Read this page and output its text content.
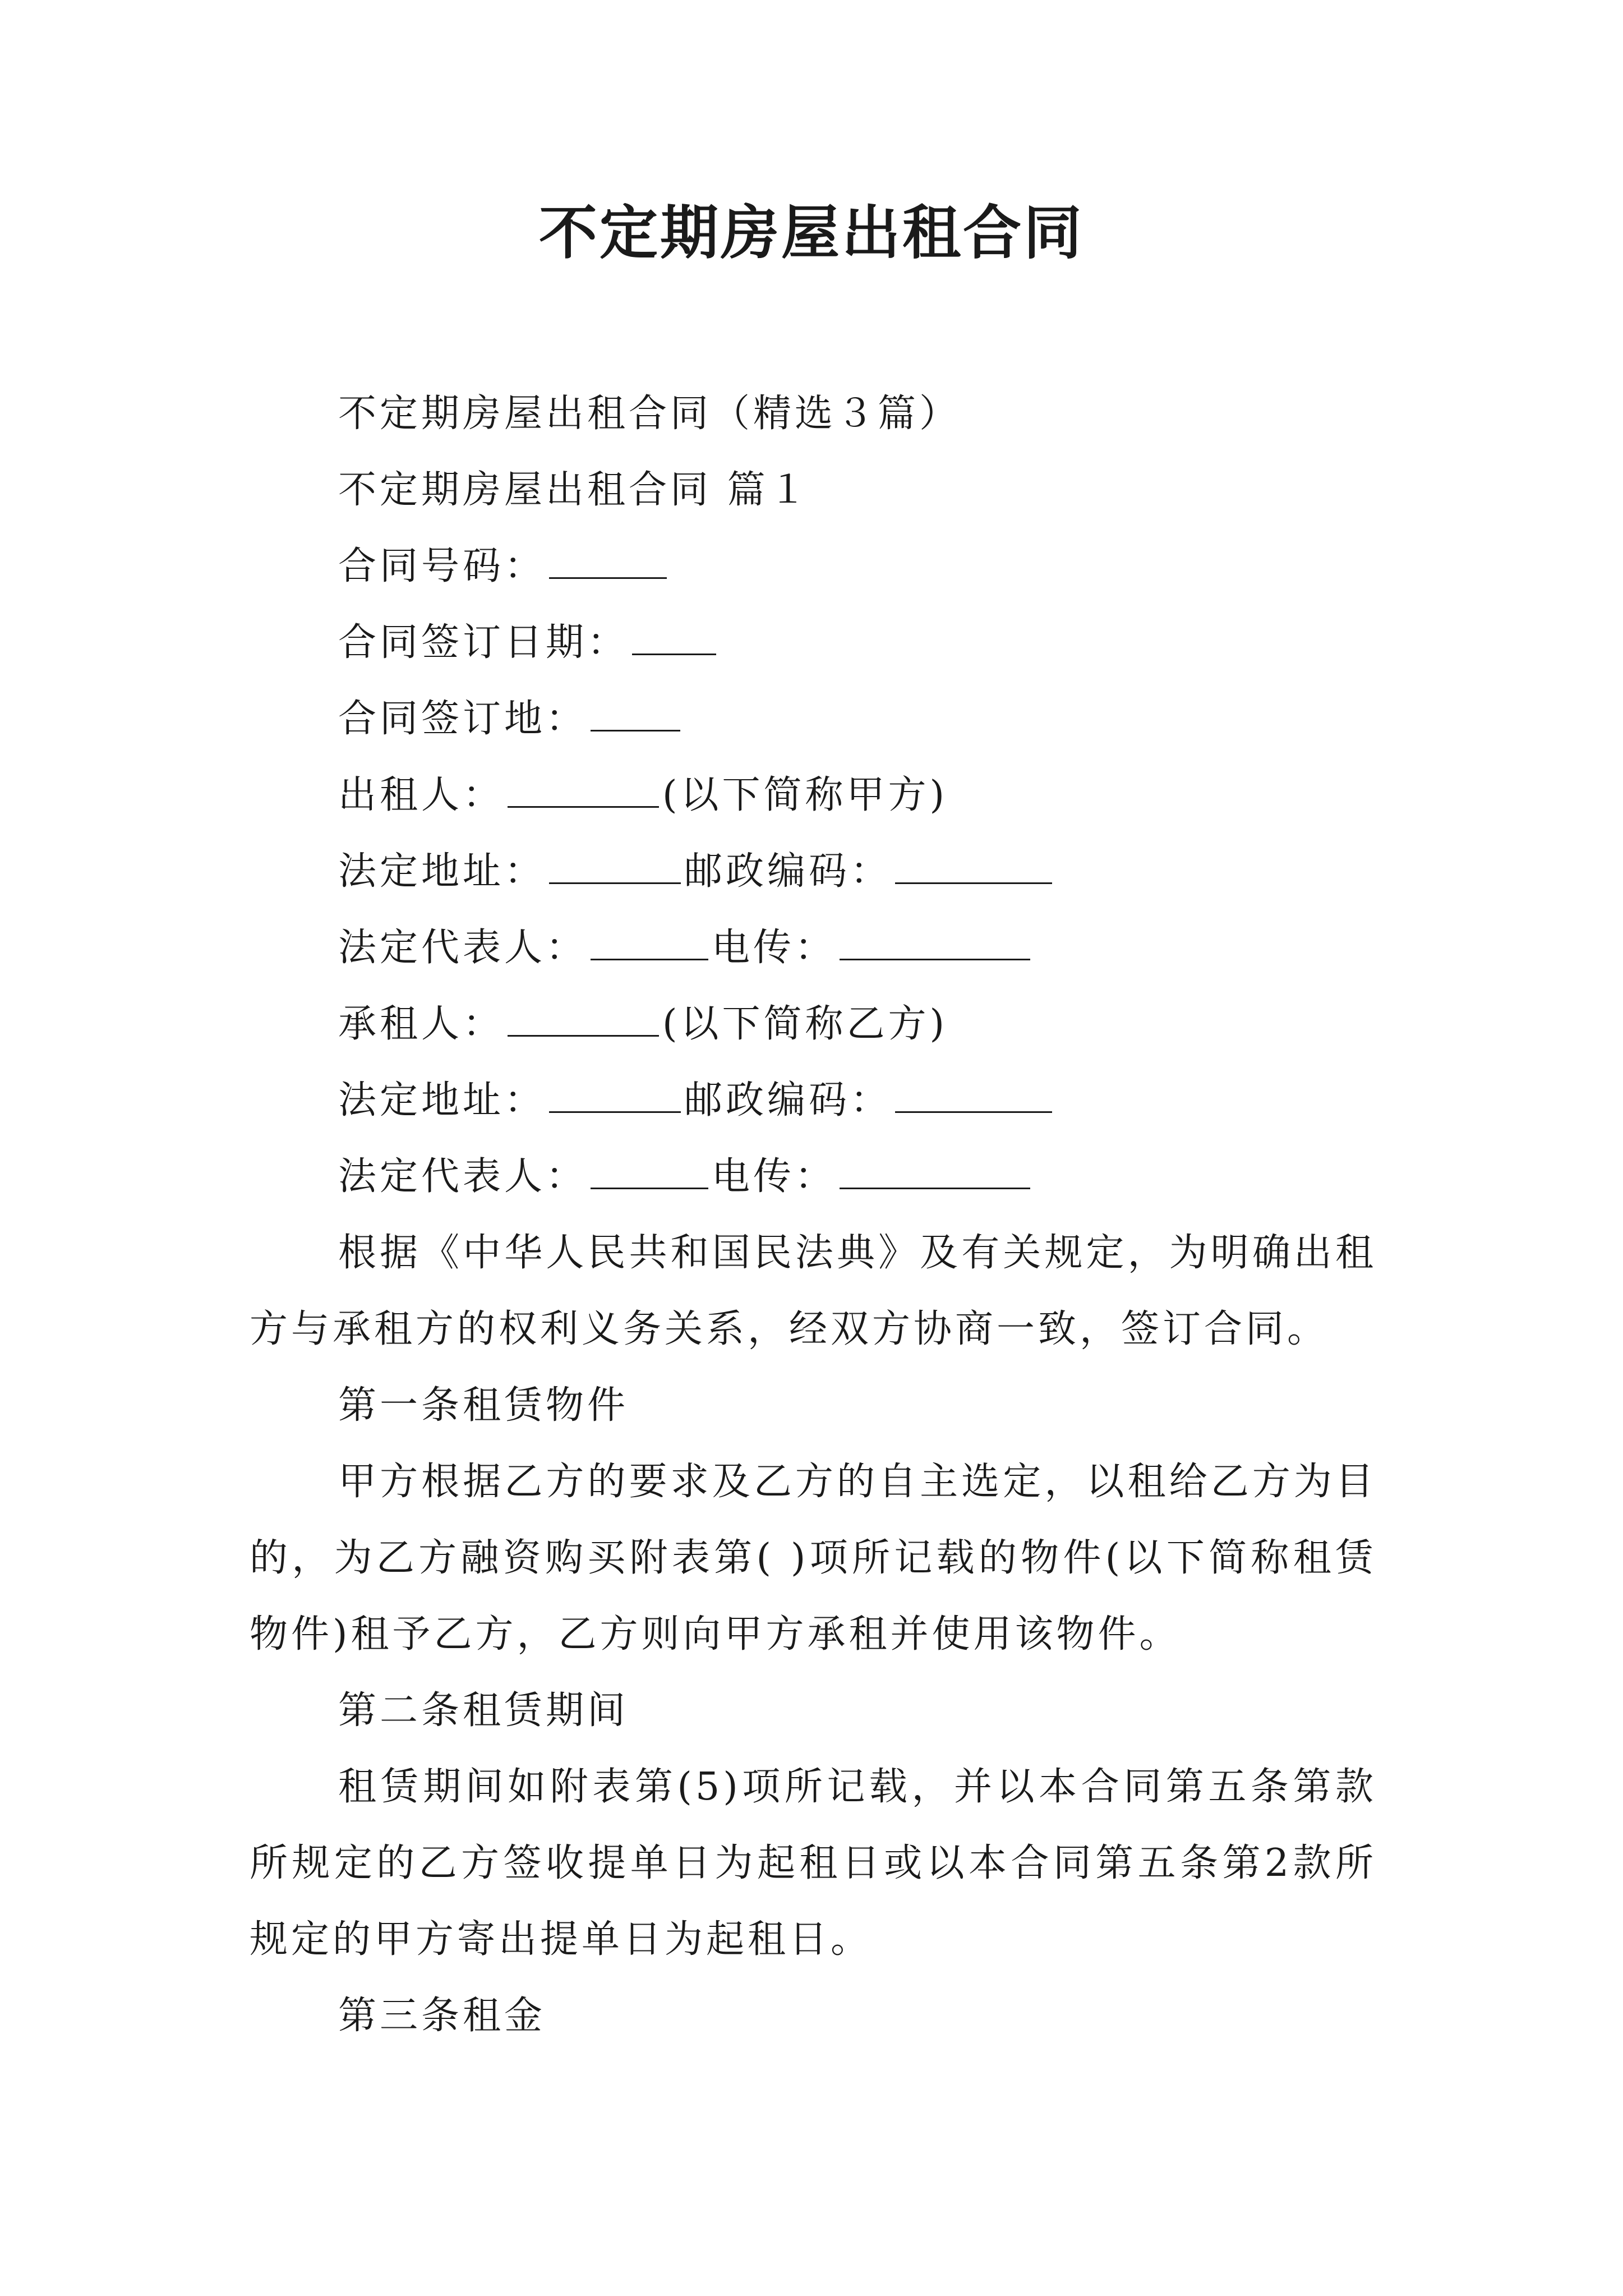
不定期房屋出租合同

不定期房屋出租合同（精选３篇）

不定期房屋出租合同 篇１

合同号码：

合同签订日期：

合同签订地：

出租人：	(以下简称甲方)

法定地址：	邮政编码：

法定代表人：	电传：

承租人：	(以下简称乙方)

法定地址：	邮政编码：

法定代表人：	电传：

根据《中华人民共和国民法典》及有关规定，为明确出租方与承租方的权利义务关系，经双方协商一致，签订合同。

第一条租赁物件

甲方根据乙方的要求及乙方的自主选定，以租给乙方为目的，为乙方融资购买附表第( )项所记载的物件(以下简称租赁物件)租予乙方，乙方则向甲方承租并使用该物件。

第二条租赁期间

租赁期间如附表第(5)项所记载，并以本合同第五条第款所规定的乙方签收提单日为起租日或以本合同第五条第2款所规定的甲方寄出提单日为起租日。

第三条租金
